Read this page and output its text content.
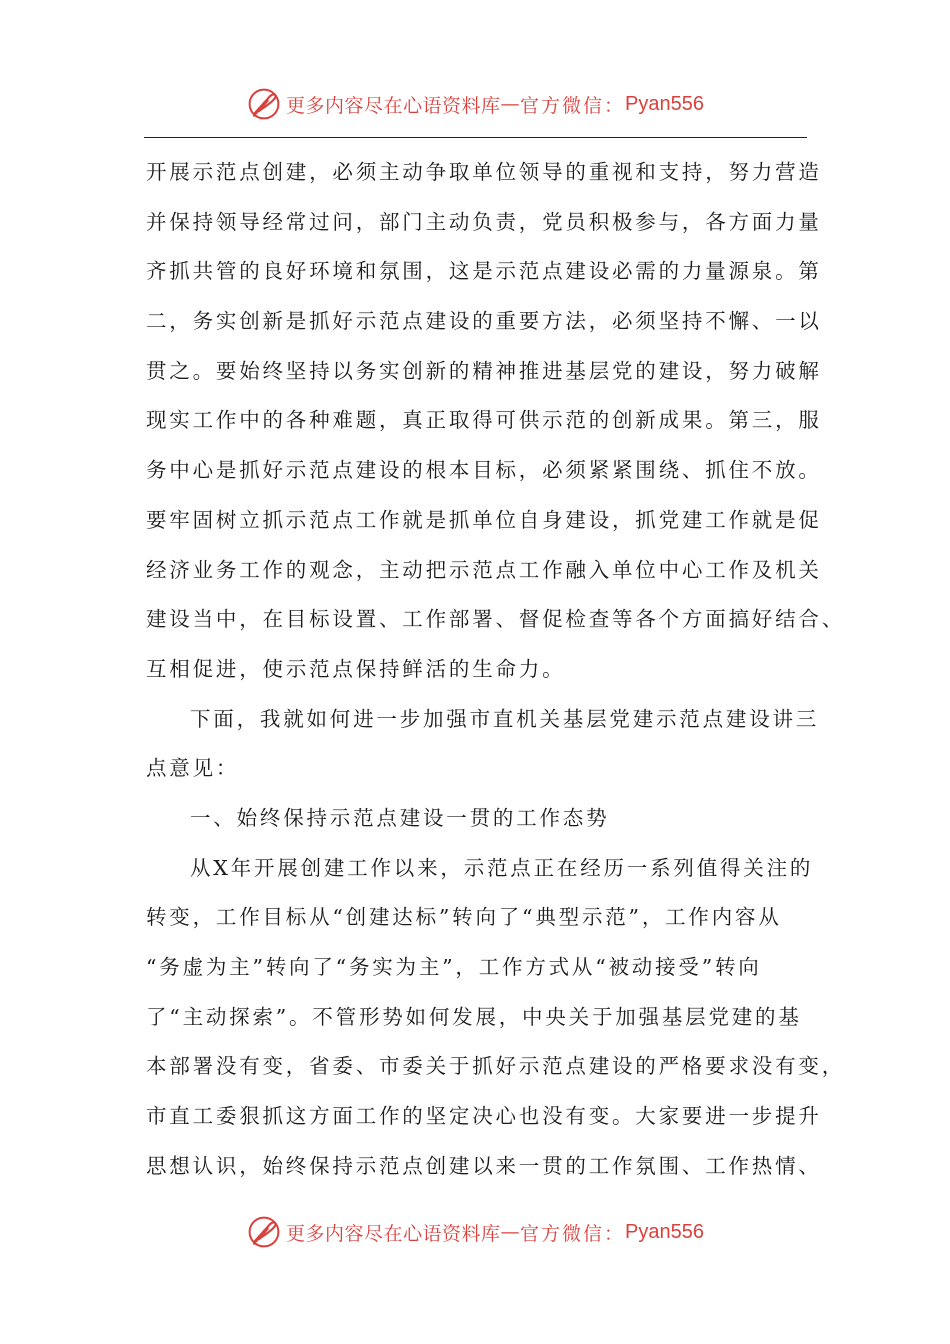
更多内容尽在心语资料库 — 官方微信： Pyan556
开展示范点创建，必须主动争取单位领导的重视和支持，努力营造
并保持领导经常过问，部门主动负责，党员积极参与，各方面力量
齐抓共管的良好环境和氛围，这是示范点建设必需的力量源泉。第
二，务实创新是抓好示范点建设的重要方法，必须坚持不懈、一以
贯之。要始终坚持以务实创新的精神推进基层党的建设，努力破解
现实工作中的各种难题，真正取得可供示范的创新成果。第三，服
务中心是抓好示范点建设的根本目标，必须紧紧围绕、抓住不放。
要牢固树立抓示范点工作就是抓单位自身建设，抓党建工作就是促
经济业务工作的观念，主动把示范点工作融入单位中心工作及机关
建设当中，在目标设置、工作部署、督促检查等各个方面搞好结合、
互相促进，使示范点保持鲜活的生命力。
下面，我就如何进一步加强市直机关基层党建示范点建设讲三
点意见：
一、始终保持示范点建设一贯的工作态势
从X年开展创建工作以来，示范点正在经历一系列值得关注的
转变，工作目标从“创建达标”转向了“典型示范”，工作内容从
“务虚为主”转向了“务实为主”，工作方式从“被动接受”转向
了“主动探索”。不管形势如何发展，中央关于加强基层党建的基
本部署没有变，省委、市委关于抓好示范点建设的严格要求没有变，
市直工委狠抓这方面工作的坚定决心也没有变。大家要进一步提升
思想认识，始终保持示范点创建以来一贯的工作氛围、工作热情、
更多内容尽在心语资料库 — 官方微信： Pyan556
